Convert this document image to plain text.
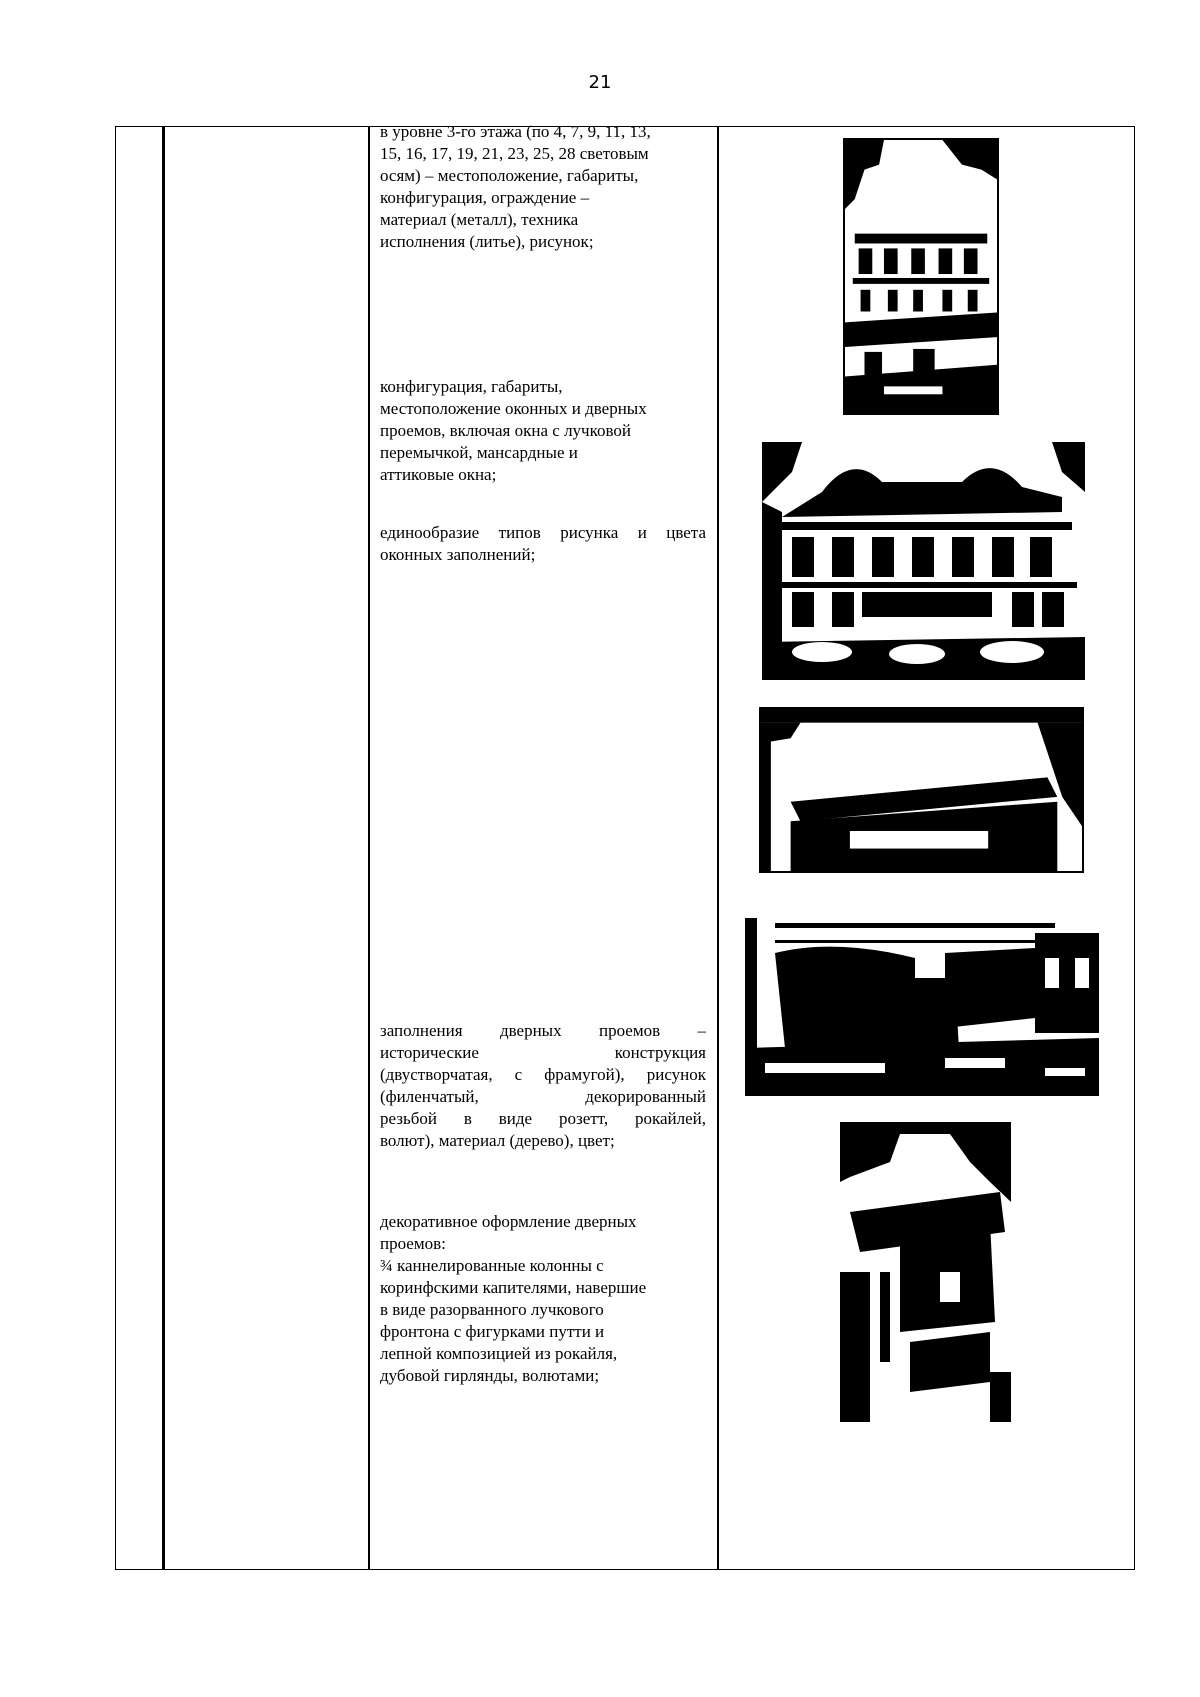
21

в уровне 3-го этажа (по 4, 7, 9, 11, 13,

15, 16, 17, 19, 21, 23, 25, 28 световым

осям) – местоположение, габариты,

конфигурация, ограждение –

материал (металл), техника

исполнения (литье), рисунок;

конфигурация, габариты,

местоположение оконных и дверных

проемов, включая окна с лучковой

перемычкой, мансардные и

аттиковые окна;

единообразие типов рисунка и цвета

оконных заполнений;

заполнения дверных проемов –

исторические конструкция

(двустворчатая, с фрамугой), рисунок

(филенчатый, декорированный

резьбой в виде розетт, рокайлей,

волют), материал (дерево), цвет;

декоративное оформление дверных

проемов:

¾ каннелированные колонны с

коринфскими капителями, навершие

в виде разорванного лучкового

фронтона с фигурками путти и

лепной композицией из рокайля,

дубовой гирлянды, волютами;
